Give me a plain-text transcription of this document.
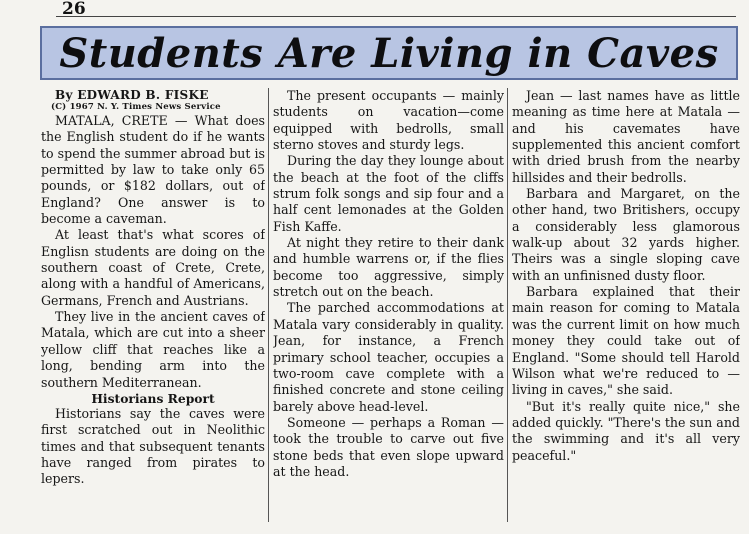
26
Students Are Living in Caves
By EDWARD B. FISKE
(C) 1967 N. Y. Times News Service

MATALA, CRETE — What does the English student do if he wants to spend the summer abroad but is permitted by law to take only 65 pounds, or $182 dollars, out of England? One answer is to become a caveman.

At least that's what scores of Englisn students are doing on the southern coast of Crete, Crete, along with a handful of Americans, Germans, French and Austrians.

They live in the ancient caves of Matala, which are cut into a sheer yellow cliff that reaches like a long, bending arm into the southern Mediterranean.

Historians Report

Historians say the caves were first scratched out in Neolithic times and that subsequent tenants have ranged from pirates to lepers.

The present occupants — mainly students on vacation—come equipped with bedrolls, small sterno stoves and sturdy legs.

During the day they lounge about the beach at the foot of the cliffs strum folk songs and sip four and a half cent lemonades at the Golden Fish Kaffe.

At night they retire to their dank and humble warrens or, if the flies become too aggressive, simply stretch out on the beach.

The parched accommodations at Matala vary considerably in quality. Jean, for instance, a French primary school teacher, occupies a two-room cave complete with a finished concrete and stone ceiling barely above head-level.

Someone — perhaps a Roman — took the trouble to carve out five stone beds that even slope upward at the head.

Jean — last names have as little meaning as time here at Matala — and his cavemates have supplemented this ancient comfort with dried brush from the nearby hillsides and their bedrolls.

Barbara and Margaret, on the other hand, two Britishers, occupy a considerably less glamorous walk-up about 32 yards higher. Theirs was a single sloping cave with an unfinisned dusty floor.

Barbara explained that their main reason for coming to Matala was the current limit on how much money they could take out of England. "Some should tell Harold Wilson what we're reduced to — living in caves," she said.

"But it's really quite nice," she added quickly. "There's the sun and the swimming and it's all very peaceful."
